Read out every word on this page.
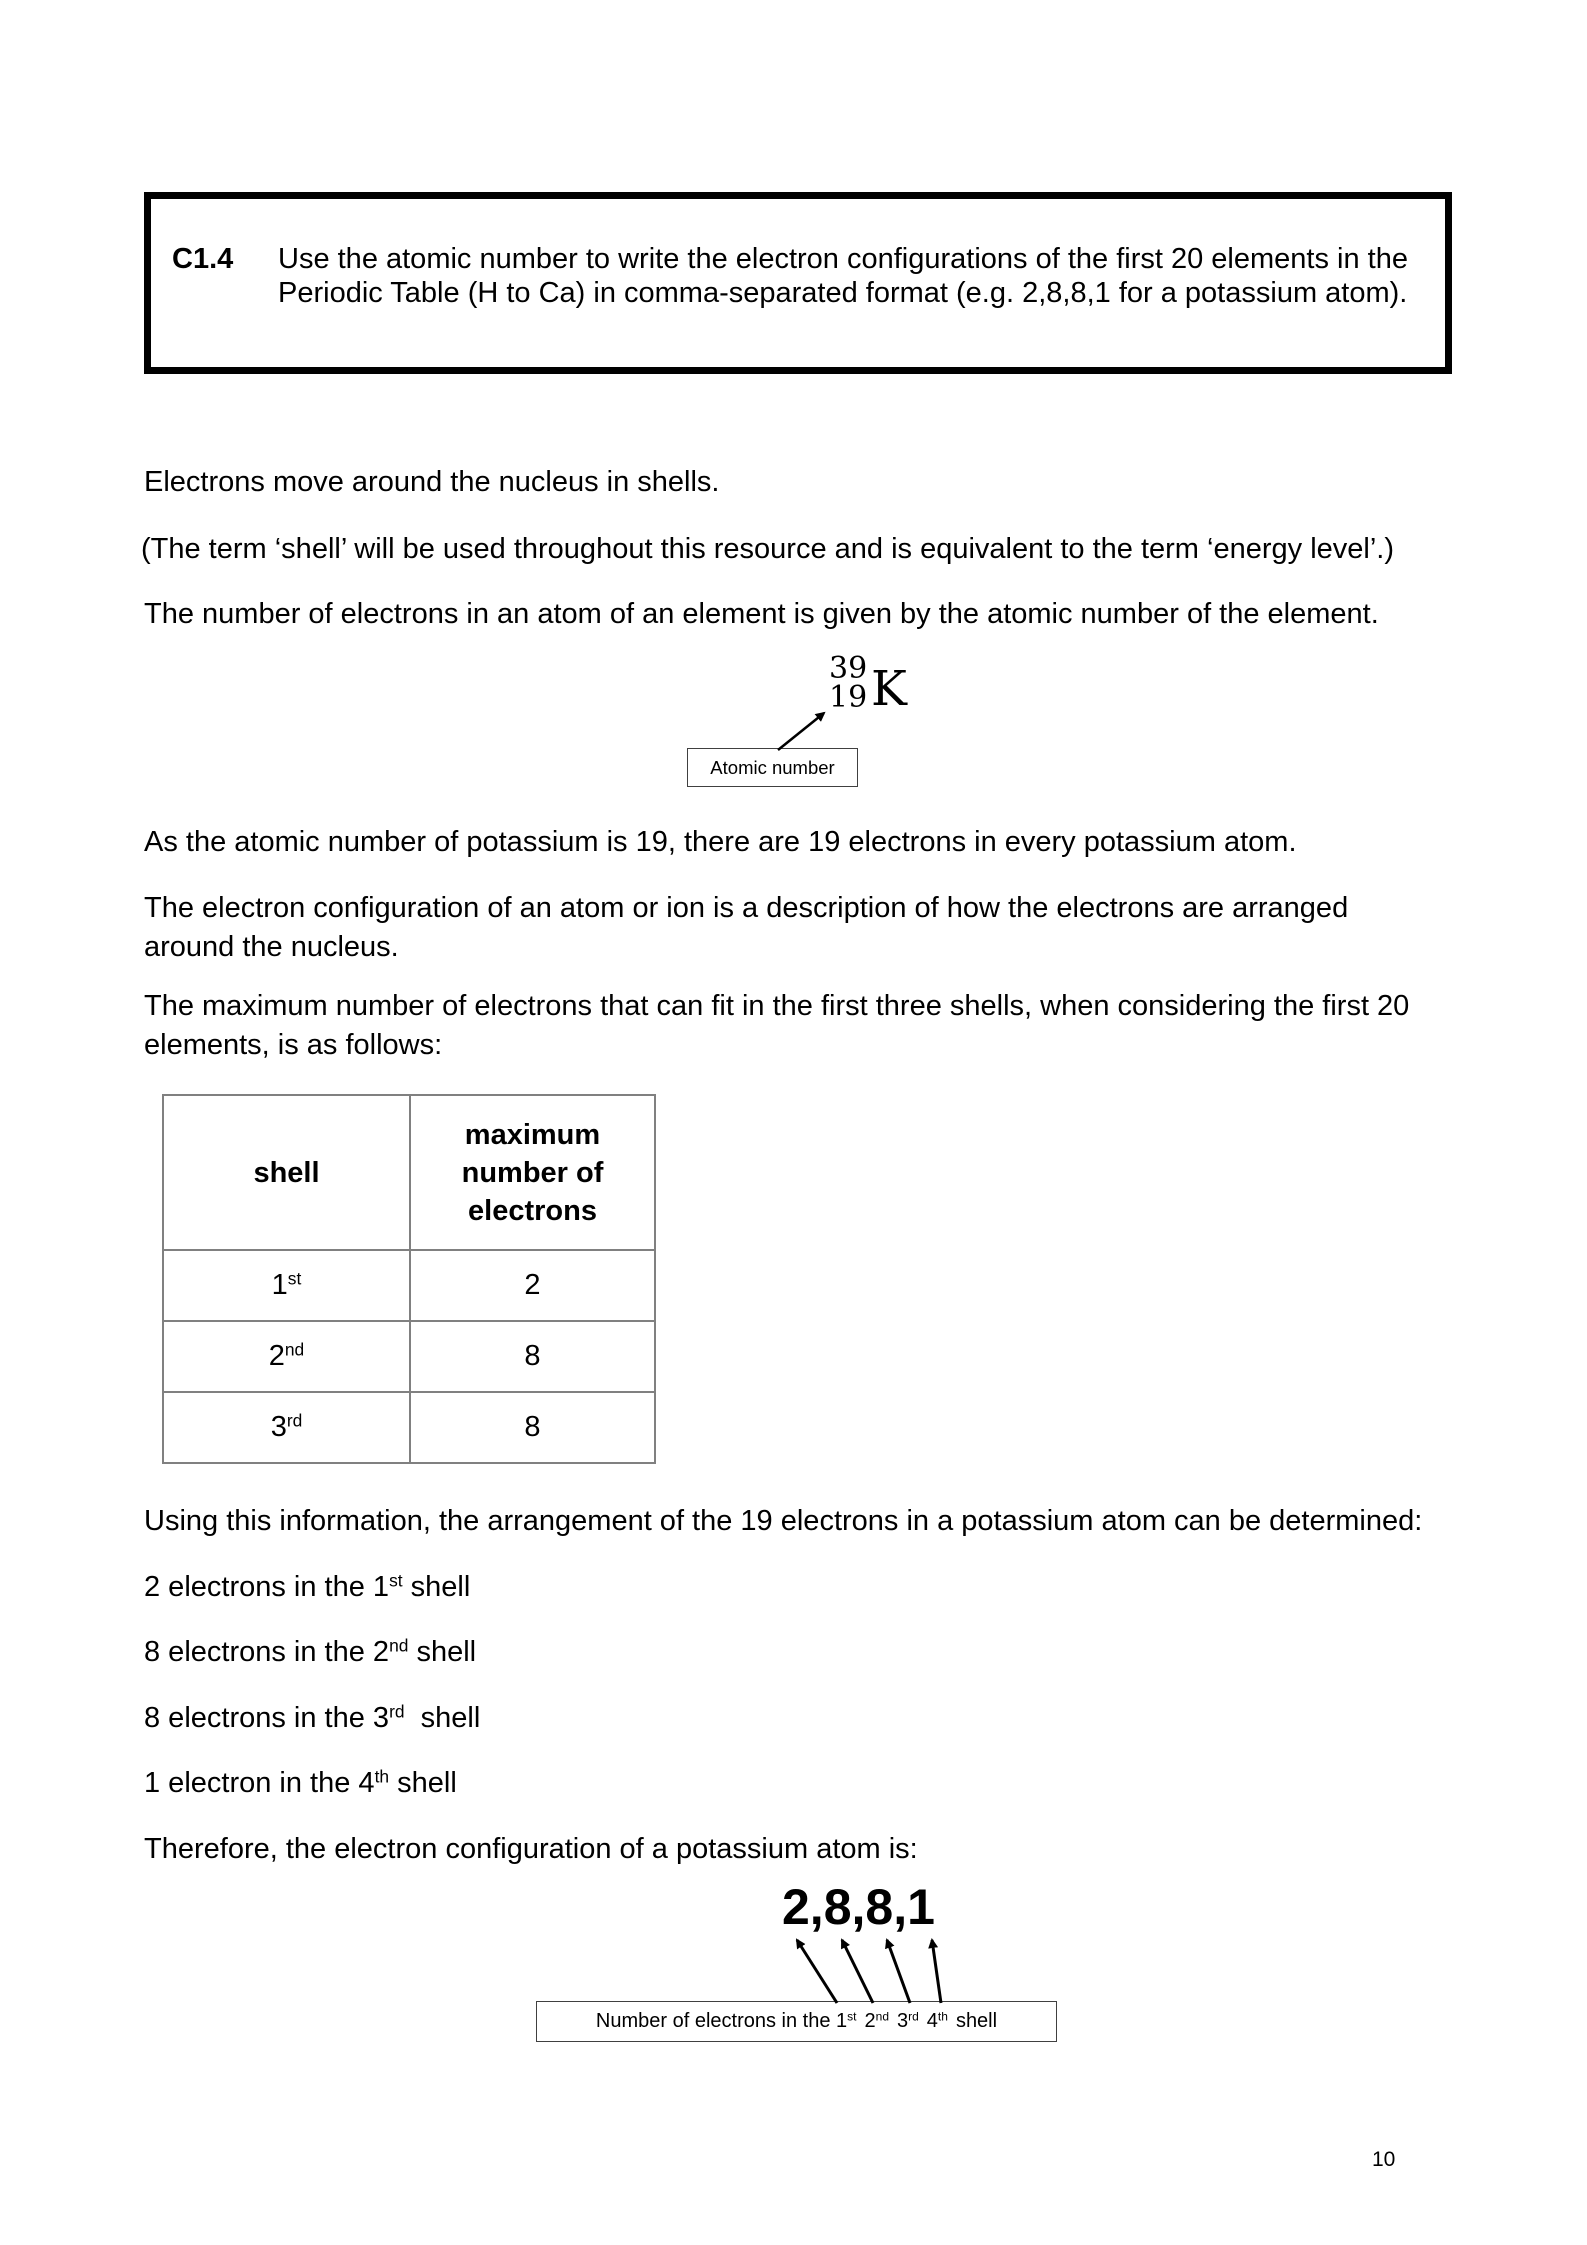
C1.4 Use the atomic number to write the electron configurations of the first 20 elements in the Periodic Table (H to Ca) in comma-separated format (e.g. 2,8,8,1 for a potassium atom).
Electrons move around the nucleus in shells.
(The term ‘shell’ will be used throughout this resource and is equivalent to the term ‘energy level’.)
The number of electrons in an atom of an element is given by the atomic number of the element.
39
19 K
Atomic number
As the atomic number of potassium is 19, there are 19 electrons in every potassium atom.
The electron configuration of an atom or ion is a description of how the electrons are arranged around the nucleus.
The maximum number of electrons that can fit in the first three shells, when considering the first 20 elements, is as follows:
shell	maximum number of electrons

1st	2
2nd	8
3rd	8
Using this information, the arrangement of the 19 electrons in a potassium atom can be determined:
2 electrons in the 1st shell
8 electrons in the 2nd shell
8 electrons in the 3rd  shell
1 electron in the 4th shell
Therefore, the electron configuration of a potassium atom is:
2,8,8,1
Number of electrons in the 1st 2nd 3rd 4th shell
10
